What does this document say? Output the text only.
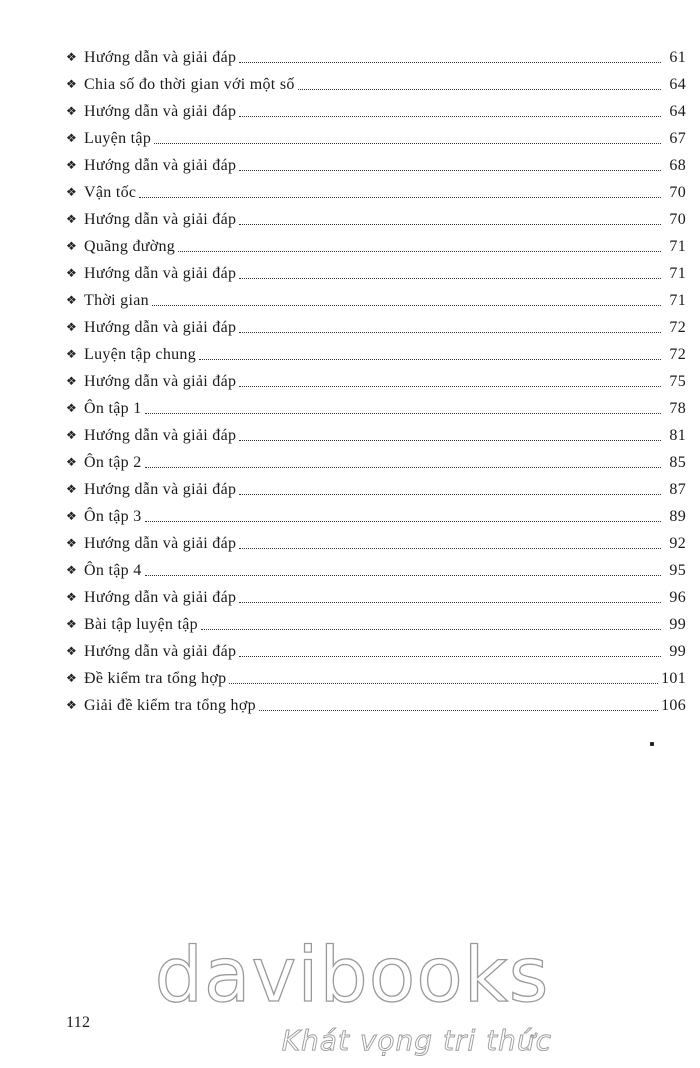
❖ Hướng dẫn và giải đáp	61
❖ Chia số đo thời gian với một số	64
❖ Hướng dẫn và giải đáp	64
❖ Luyện tập	67
❖ Hướng dẫn và giải đáp	68
❖ Vận tốc	70
❖ Hướng dẫn và giải đáp	70
❖ Quãng đường	71
❖ Hướng dẫn và giải đáp	71
❖ Thời gian	71
❖ Hướng dẫn và giải đáp	72
❖ Luyện tập chung	72
❖ Hướng dẫn và giải đáp	75
❖ Ôn tập 1	78
❖ Hướng dẫn và giải đáp	81
❖ Ôn tập 2	85
❖ Hướng dẫn và giải đáp	87
❖ Ôn tập 3	89
❖ Hướng dẫn và giải đáp	92
❖ Ôn tập 4	95
❖ Hướng dẫn và giải đáp	96
❖ Bài tập luyện tập	99
❖ Hướng dẫn và giải đáp	99
❖ Đề kiểm tra tổng hợp	101
❖ Giải đề kiểm tra tổng hợp	106
112
davibooks
Khát vọng tri thức
